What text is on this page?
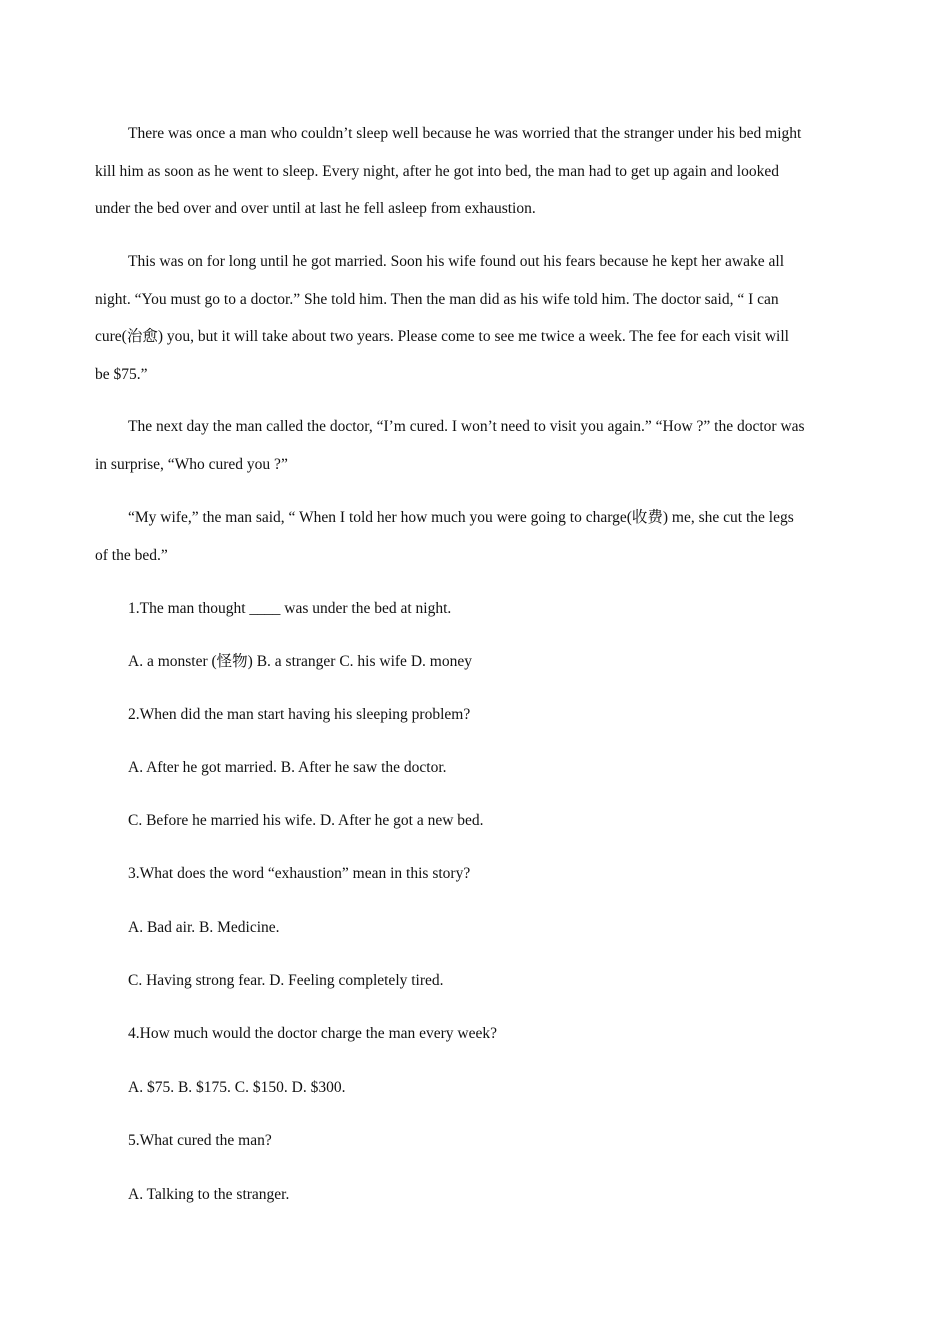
There was once a man who couldn’t sleep well because he was worried that the stranger under his bed might kill him as soon as he went to sleep. Every night, after he got into bed, the man had to get up again and looked under the bed over and over until at last he fell asleep from exhaustion.

This was on for long until he got married. Soon his wife found out his fears because he kept her awake all night. “You must go to a doctor.” She told him. Then the man did as his wife told him. The doctor said, “ I can cure(治愈) you, but it will take about two years. Please come to see me twice a week. The fee for each visit will be $75.”

The next day the man called the doctor, “I’m cured. I won’t need to visit you again.” “How ?” the doctor was in surprise, “Who cured you ?”

“My wife,” the man said, “ When I told her how much you were going to charge(收费) me, she cut the legs of the bed.”

1.The man thought ____ was under the bed at night.

A. a monster (怪物) B. a stranger C. his wife D. money

2.When did the man start having his sleeping problem?

A. After he got married. B. After he saw the doctor.

C. Before he married his wife. D. After he got a new bed.

3.What does the word “exhaustion” mean in this story?

A. Bad air. B. Medicine.

C. Having strong fear. D. Feeling completely tired.

4.How much would the doctor charge the man every week?

A. $75. B. $175. C. $150. D. $300.

5.What cured the man?

A. Talking to the stranger.
